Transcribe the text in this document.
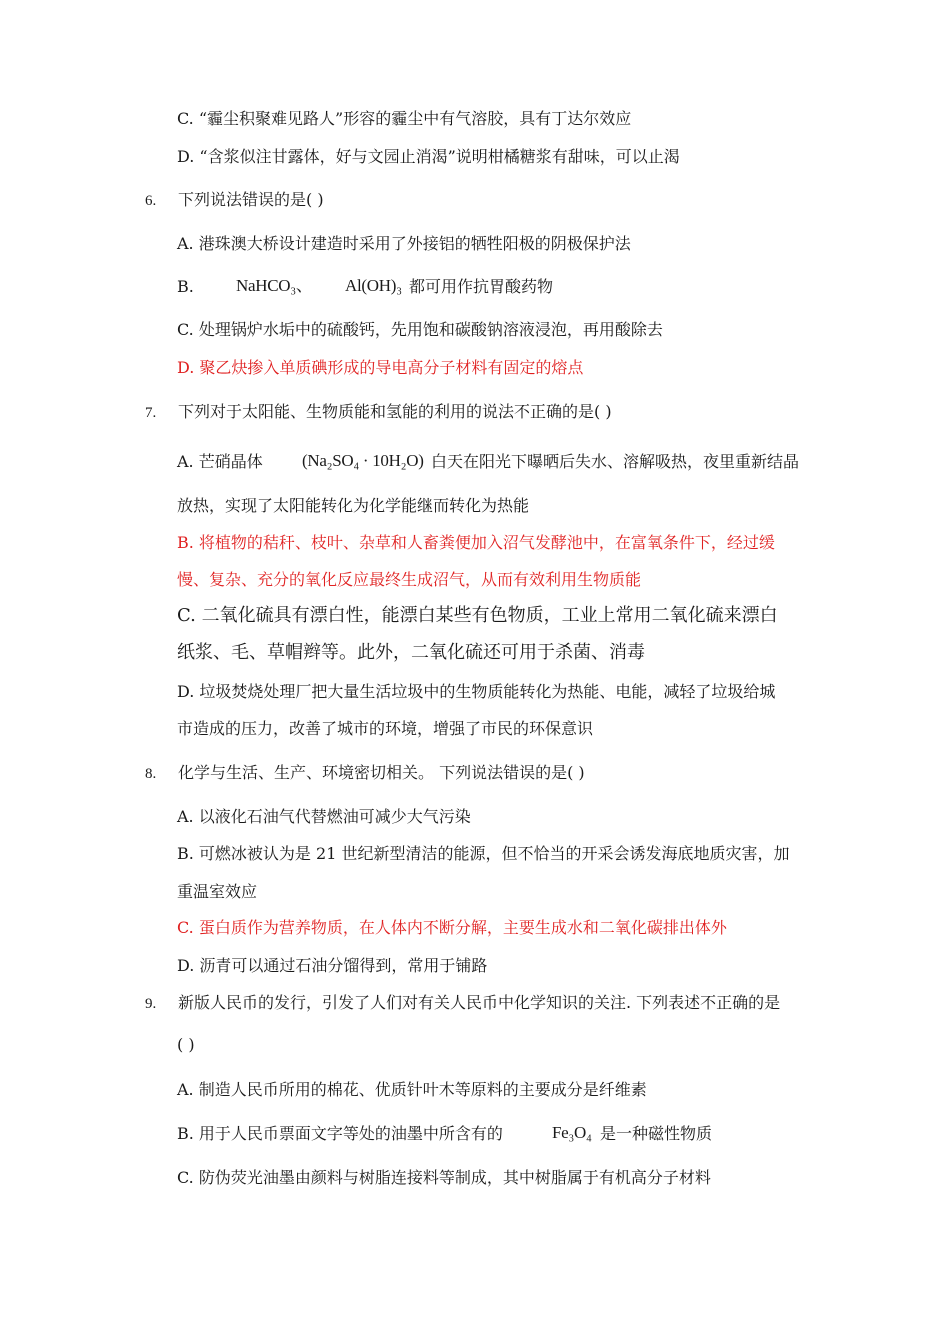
C. “霾尘积聚难见路人”形容的霾尘中有气溶胶，具有丁达尔效应
D. “含浆似注甘露体，好与文园止消渴”说明柑橘糖浆有甜味，可以止渴
6. 下列说法错误的是( )
A. 港珠澳大桥设计建造时采用了外接铝的牺牲阳极的阴极保护法
B. NaHCO₃、 Al(OH)₃ 都可用作抗胃酸药物
C. 处理锅炉水垢中的硫酸钙，先用饱和碳酸钠溶液浸泡，再用酸除去
D. 聚乙炔掺入单质碘形成的导电高分子材料有固定的熔点
7. 下列对于太阳能、生物质能和氢能的利用的说法不正确的是( )
A. 芒硝晶体 (Na₂SO₄ · 10H₂O) 白天在阳光下曝晒后失水、溶解吸热，夜里重新结晶
放热，实现了太阳能转化为化学能继而转化为热能
B. 将植物的秸秆、枝叶、杂草和人畜粪便加入沼气发酵池中，在富氧条件下，经过缓
慢、复杂、充分的氧化反应最终生成沼气，从而有效利用生物质能
C. 二氧化硫具有漂白性，能漂白某些有色物质，工业上常用二氧化硫来漂白
纸浆、毛、草帽辫等。此外，二氧化硫还可用于杀菌、消毒
D. 垃圾焚烧处理厂把大量生活垃圾中的生物质能转化为热能、电能，减轻了垃圾给城
市造成的压力，改善了城市的环境，增强了市民的环保意识
8. 化学与生活、生产、环境密切相关。 下列说法错误的是( )
A. 以液化石油气代替燃油可减少大气污染
B. 可燃冰被认为是 21 世纪新型清洁的能源，但不恰当的开采会诱发海底地质灾害，加
重温室效应
C. 蛋白质作为营养物质，在人体内不断分解，主要生成水和二氧化碳排出体外
D. 沥青可以通过石油分馏得到，常用于铺路
9. 新版人民币的发行，引发了人们对有关人民币中化学知识的关注. 下列表述不正确的是
( )
A. 制造人民币所用的棉花、优质针叶木等原料的主要成分是纤维素
B. 用于人民币票面文字等处的油墨中所含有的	Fe₃O₄ 是一种磁性物质
C. 防伪荧光油墨由颜料与树脂连接料等制成，其中树脂属于有机高分子材料
